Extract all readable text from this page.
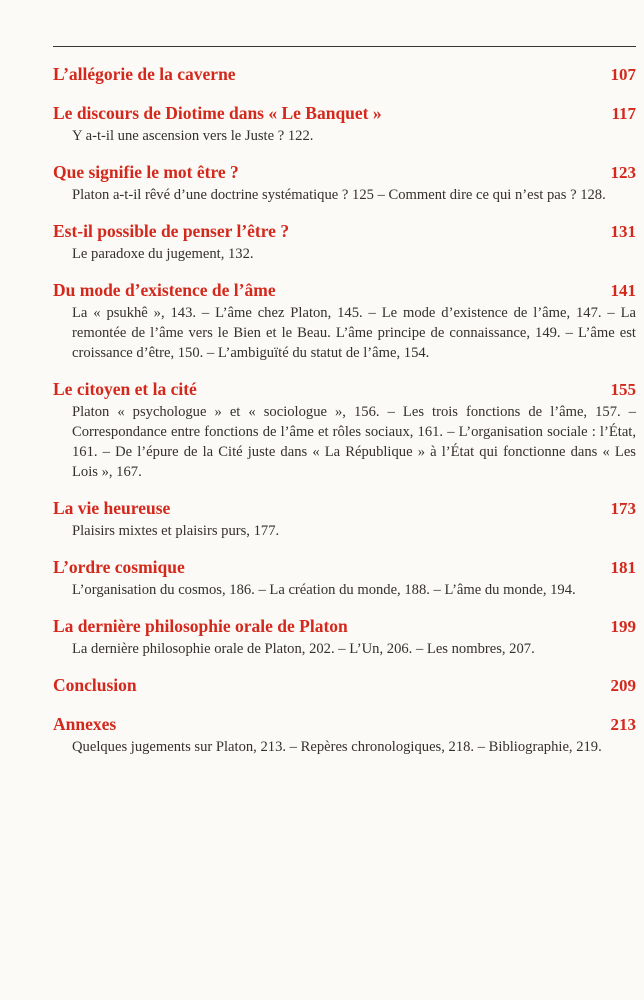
L’allégorie de la caverne	107
Le discours de Diotime dans « Le Banquet »	117
Y a-t-il une ascension vers le Juste ? 122.
Que signifie le mot être ?	123
Platon a-t-il rêvé d’une doctrine systématique ? 125 – Comment dire ce qui n’est pas ? 128.
Est-il possible de penser l’être ?	131
Le paradoxe du jugement, 132.
Du mode d’existence de l’âme	141
La « psukhê », 143. – L’âme chez Platon, 145. – Le mode d’existence de l’âme, 147. – La remontée de l’âme vers le Bien et le Beau. L’âme principe de connaissance, 149. – L’âme est croissance d’être, 150. – L’ambiguïté du statut de l’âme, 154.
Le citoyen et la cité	155
Platon « psychologue » et « sociologue », 156. – Les trois fonctions de l’âme, 157. – Correspondance entre fonctions de l’âme et rôles sociaux, 161. – L’organisation sociale : l’État, 161. – De l’épure de la Cité juste dans « La République » à l’État qui fonctionne dans « Les Lois », 167.
La vie heureuse	173
Plaisirs mixtes et plaisirs purs, 177.
L’ordre cosmique	181
L’organisation du cosmos, 186. – La création du monde, 188. – L’âme du monde, 194.
La dernière philosophie orale de Platon	199
La dernière philosophie orale de Platon, 202. – L’Un, 206. – Les nombres, 207.
Conclusion	209
Annexes	213
Quelques jugements sur Platon, 213. – Repères chronologiques, 218. – Bibliographie, 219.
